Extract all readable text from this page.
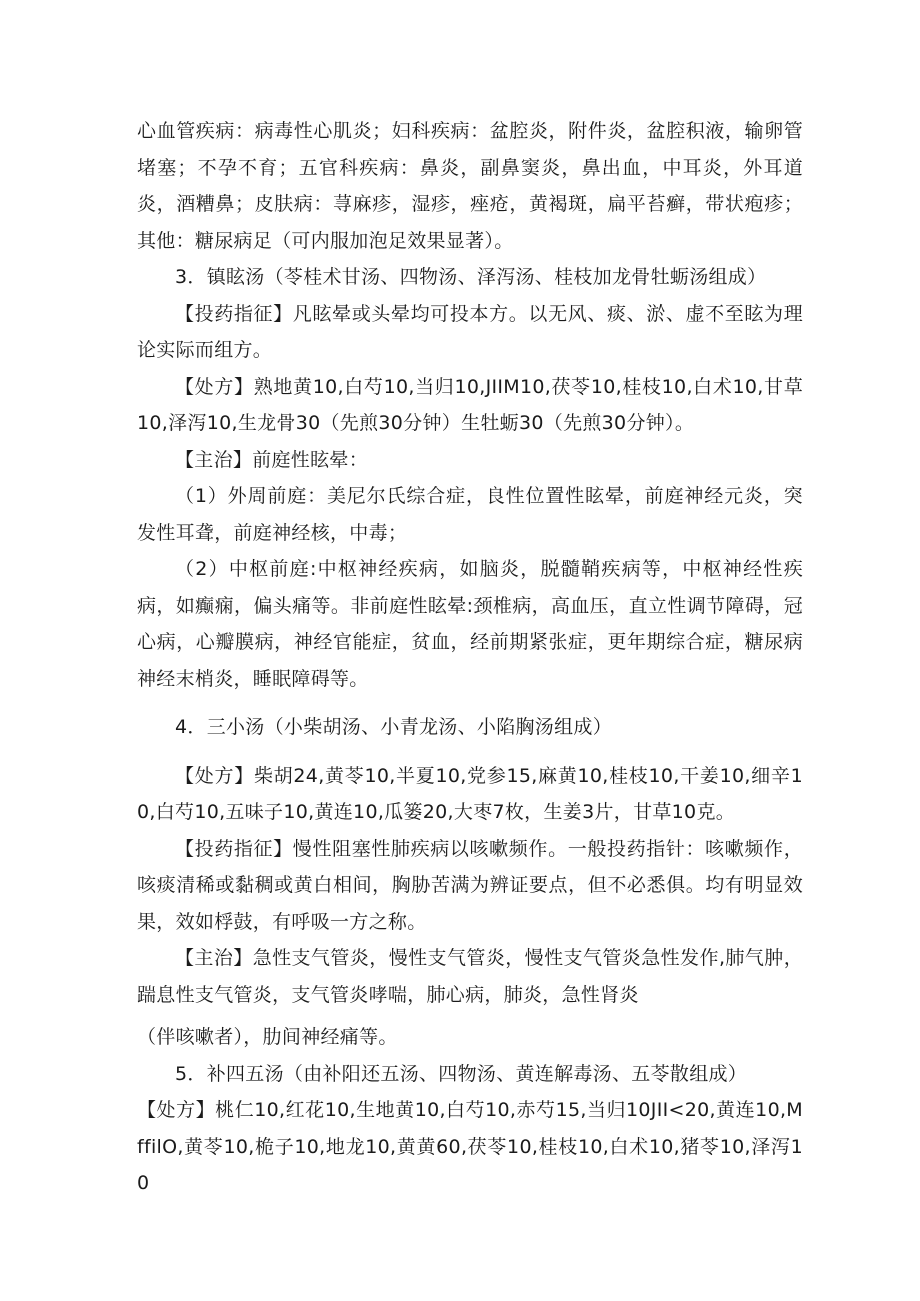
心血管疾病：病毒性心肌炎；妇科疾病：盆腔炎，附件炎，盆腔积液，输卵管堵塞；不孕不育；五官科疾病：鼻炎，副鼻窦炎，鼻出血，中耳炎，外耳道炎，酒糟鼻；皮肤病：荨麻疹，湿疹，痤疮，黄褐斑，扁平苔癣，带状疱疹；其他：糖尿病足（可内服加泡足效果显著）。

3．镇眩汤（苓桂术甘汤、四物汤、泽泻汤、桂枝加龙骨牡蛎汤组成）

【投药指征】凡眩晕或头晕均可投本方。以无风、痰、淤、虚不至眩为理论实际而组方。

【处方】熟地黄10,白芍10,当归10,JIIM10,茯苓10,桂枝10,白术10,甘草10,泽泻10,生龙骨30（先煎30分钟）生牡蛎30（先煎30分钟）。

【主治】前庭性眩晕：

（1）外周前庭：美尼尔氏综合症，良性位置性眩晕，前庭神经元炎，突发性耳聋，前庭神经核，中毒；

（2）中枢前庭:中枢神经疾病，如脑炎，脱髓鞘疾病等，中枢神经性疾病，如癫痫，偏头痛等。非前庭性眩晕:颈椎病，高血压，直立性调节障碍，冠心病，心瓣膜病，神经官能症，贫血，经前期紧张症，更年期综合症，糖尿病神经末梢炎，睡眠障碍等。

4．三小汤（小柴胡汤、小青龙汤、小陷胸汤组成）

【处方】柴胡24,黄苓10,半夏10,党参15,麻黄10,桂枝10,干姜10,细辛10,白芍10,五味子10,黄连10,瓜篓20,大枣7枚，生姜3片，甘草10克。

【投药指征】慢性阻塞性肺疾病以咳嗽频作。一般投药指针：咳嗽频作，咳痰清稀或黏稠或黄白相间，胸胁苦满为辨证要点，但不必悉俱。均有明显效果，效如桴鼓，有呼吸一方之称。

【主治】急性支气管炎，慢性支气管炎，慢性支气管炎急性发作,肺气肿，踹息性支气管炎，支气管炎哮喘，肺心病，肺炎，急性肾炎

（伴咳嗽者），肋间神经痛等。

5．补四五汤（由补阳还五汤、四物汤、黄连解毒汤、五苓散组成）

【处方】桃仁10,红花10,生地黄10,白芍10,赤芍15,当归10JII<20,黄连10,MffilO,黄苓10,桅子10,地龙10,黄黄60,茯苓10,桂枝10,白术10,猪苓10,泽泻10
